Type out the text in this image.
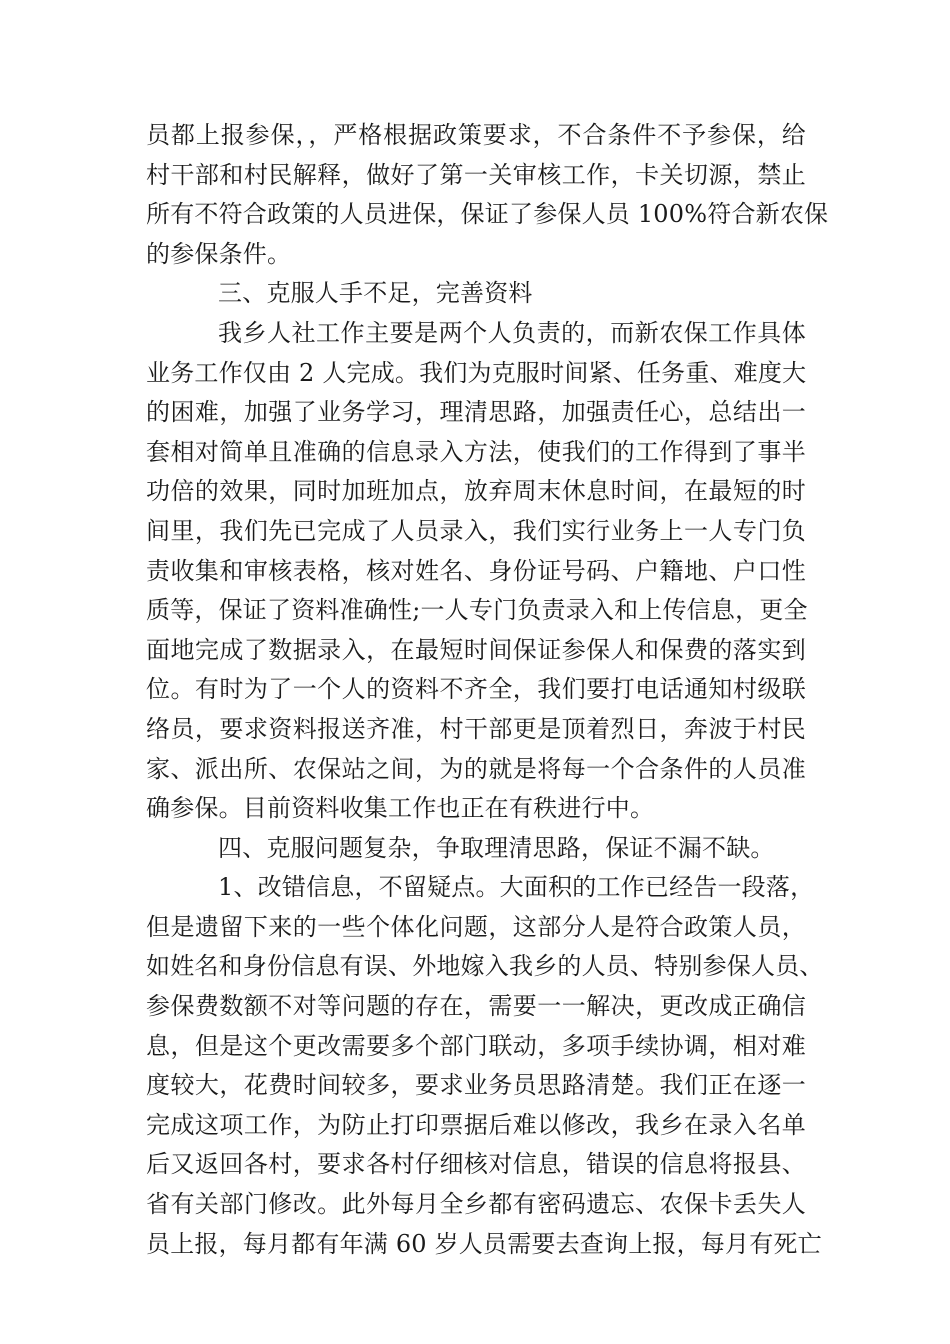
员都上报参保，，严格根据政策要求，不合条件不予参保，给
村干部和村民解释，做好了第一关审核工作，卡关切源，禁止
所有不符合政策的人员进保，保证了参保人员 100%符合新农保
的参保条件。
三、克服人手不足，完善资料
我乡人社工作主要是两个人负责的，而新农保工作具体
业务工作仅由 2 人完成。我们为克服时间紧、任务重、难度大
的困难，加强了业务学习，理清思路，加强责任心，总结出一
套相对简单且准确的信息录入方法，使我们的工作得到了事半
功倍的效果，同时加班加点，放弃周末休息时间，在最短的时
间里，我们先已完成了人员录入，我们实行业务上一人专门负
责收集和审核表格，核对姓名、身份证号码、户籍地、户口性
质等，保证了资料准确性;一人专门负责录入和上传信息，更全
面地完成了数据录入，在最短时间保证参保人和保费的落实到
位。有时为了一个人的资料不齐全，我们要打电话通知村级联
络员，要求资料报送齐准，村干部更是顶着烈日，奔波于村民
家、派出所、农保站之间，为的就是将每一个合条件的人员准
确参保。目前资料收集工作也正在有秩进行中。
四、克服问题复杂，争取理清思路，保证不漏不缺。
1、改错信息，不留疑点。大面积的工作已经告一段落，
但是遗留下来的一些个体化问题，这部分人是符合政策人员，
如姓名和身份信息有误、外地嫁入我乡的人员、特别参保人员、
参保费数额不对等问题的存在，需要一一解决，更改成正确信
息，但是这个更改需要多个部门联动，多项手续协调，相对难
度较大，花费时间较多，要求业务员思路清楚。我们正在逐一
完成这项工作，为防止打印票据后难以修改，我乡在录入名单
后又返回各村，要求各村仔细核对信息，错误的信息将报县、
省有关部门修改。此外每月全乡都有密码遗忘、农保卡丢失人
员上报，每月都有年满 60 岁人员需要去查询上报，每月有死亡
